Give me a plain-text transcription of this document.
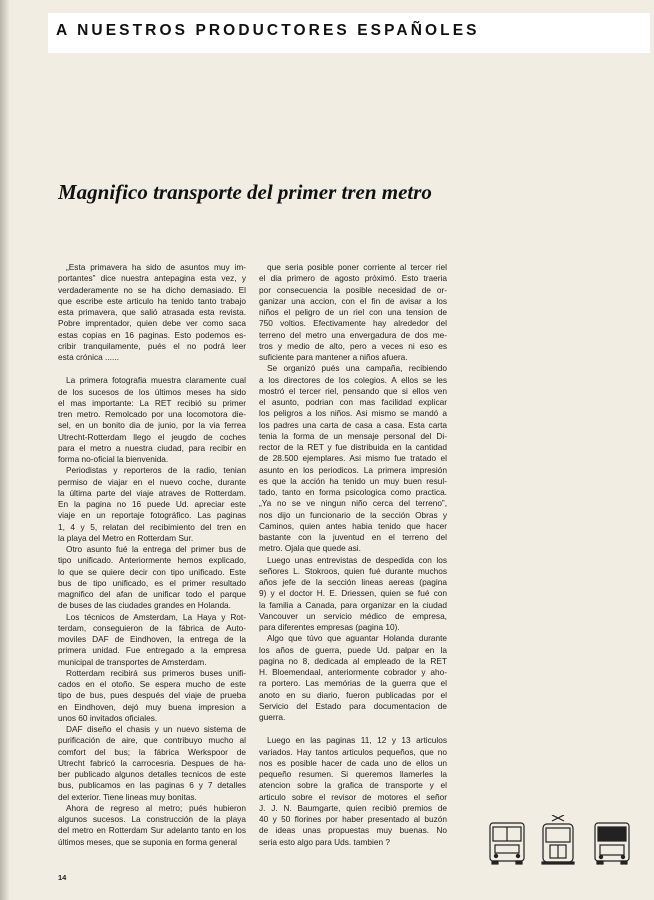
A NUESTROS PRODUCTORES ESPAÑOLES
Magnifico transporte del primer tren metro
„Esta primavera ha sido de asuntos muy im-
portantes” dice nuestra antepagina esta vez, y
verdaderamente no se ha dicho demasiado. El
que escribe este articulo ha tenido tanto trabajo
esta primavera, que salió atrasada esta revista.
Pobre imprentador, quien debe ver como saca
estas copias en 16 paginas. Esto podemos es-
cribir tranquilamente, pués el no podrá leer
esta crónica ......
La primera fotografia muestra claramente cual
de los sucesos de los últimos meses ha sido
el mas importante: La RET recibió su primer
tren metro. Remolcado por una locomotora die-
sel, en un bonito dia de junio, por la via ferrea
Utrecht-Rotterdam llego el jeugdo de coches
para el metro a nuestra ciudad, para recibir en
forma no-oficial la bienvenida.
Periodistas y reporteros de la radio, tenian
permiso de viajar en el nuevo coche, durante
la última parte del viaje atraves de Rotterdam.
En la pagina no 16 puede Ud. apreciar este
viaje en un reportaje fotográfico. Las paginas
1, 4 y 5, relatan del recibimiento del tren en
la playa del Metro en Rotterdam Sur.
Otro asunto fué la entrega del primer bus de
tipo unificado. Anteriormente hemos explicado,
lo que se quiere decir con tipo unificado. Este
bus de tipo unificado, es el primer resultado
magnifico del afan de unificar todo el parque
de buses de las ciudades grandes en Holanda.
Los técnicos de Amsterdam, La Haya y Rot-
terdam, conseguieron de la fábrica de Auto-
moviles DAF de Eindhoven, la entrega de la
primera unidad. Fue entregado a la empresa
municipal de transportes de Amsterdam.
Rotterdam recibirá sus primeros buses unifi-
cados en el otoño. Se espera mucho de este
tipo de bus, pues después del viaje de prueba
en Eindhoven, dejó muy buena impresion a
unos 60 invitados oficiales.
DAF diseño el chasis y un nuevo sistema de
purificación de aire, que contribuyo mucho al
comfort del bus; la fábrica Werkspoor de
Utrecht fabricó la carrocesria. Despues de ha-
ber publicado algunos detalles tecnicos de este
bus, publicamos en las paginas 6 y 7 detalles
del exterior. Tiene lineas muy bonitas.
Ahora de regreso al metro; pués hubieron
algunos sucesos. La construcción de la playa
del metro en Rotterdam Sur adelanto tanto en los
últimos meses, que se suponia en forma general
que seria posible poner corriente al tercer riel
el dia primero de agosto próximó. Esto traeria
por consecuencia la posible necesidad de or-
ganizar una accion, con el fin de avisar a los
niños el peligro de un riel con una tension de
750 voltios. Efectivamente hay alrededor del
terreno del metro una envergadura de dos me-
tros y medio de alto, pero a veces ni eso es
suficiente para mantener a niños afuera.
Se organizó pués una campaña, recibiendo
a los directores de los colegios. A ellos se les
mostró el tercer riel, pensando que si ellos ven
el asunto, podrian con mas facilidad explicar
los peligros a los niños. Asi mismo se mandó a
los padres una carta de casa a casa. Esta carta
tenia la forma de un mensaje personal del Di-
rector de la RET y fue distribuida en la cantidad
de 28.500 ejemplares. Asi mismo fue tratado el
asunto en los periodicos. La primera impresión
es que la acción ha tenido un muy buen resul-
tado, tanto en forma psicologica como practica.
„Ya no se ve ningun niño cerca del terreno”,
nos dijo un funcionario de la sección Obras y
Caminos, quien antes habia tenido que hacer
bastante con la juventud en el terreno del
metro. Ojala que quede asi.
Luego unas entrevistas de despedida con los
señores L. Stokroos, quien fué durante muchos
años jefe de la sección lineas aereas (pagina
9) y el doctor H. E. Driessen, quien se fué con
la familia a Canada, para organizar en la ciudad
Vancouver un servicio médico de empresa,
para diferentes empresas (pagina 10).
Algo que túvo que aguantar Holanda durante
los años de guerra, puede Ud. palpar en la
pagina no 8, dedicada al empleado de la RET
H. Bloemendaal, anteriormente cobrador y aho-
ra portero. Las memórias de la guerra que el
anoto en su diario, fueron publicadas por el
Servicio del Estado para documentacion de
guerra.
Luego en las paginas 11, 12 y 13 articulos
variados. Hay tantos articulos pequeños, que no
nos es posible hacer de cada uno de ellos un
pequeño resumen. Si queremos llamerles la
atencion sobre la grafica de transporte y el
articulo sobre el revisor de motores el señor
J. J. N. Baumgarte, quien recibió premios de
40 y 50 florines por haber presentado al buzón
de ideas unas propuestas muy buenas. No
seria esto algo para Uds. tambien ?
14
